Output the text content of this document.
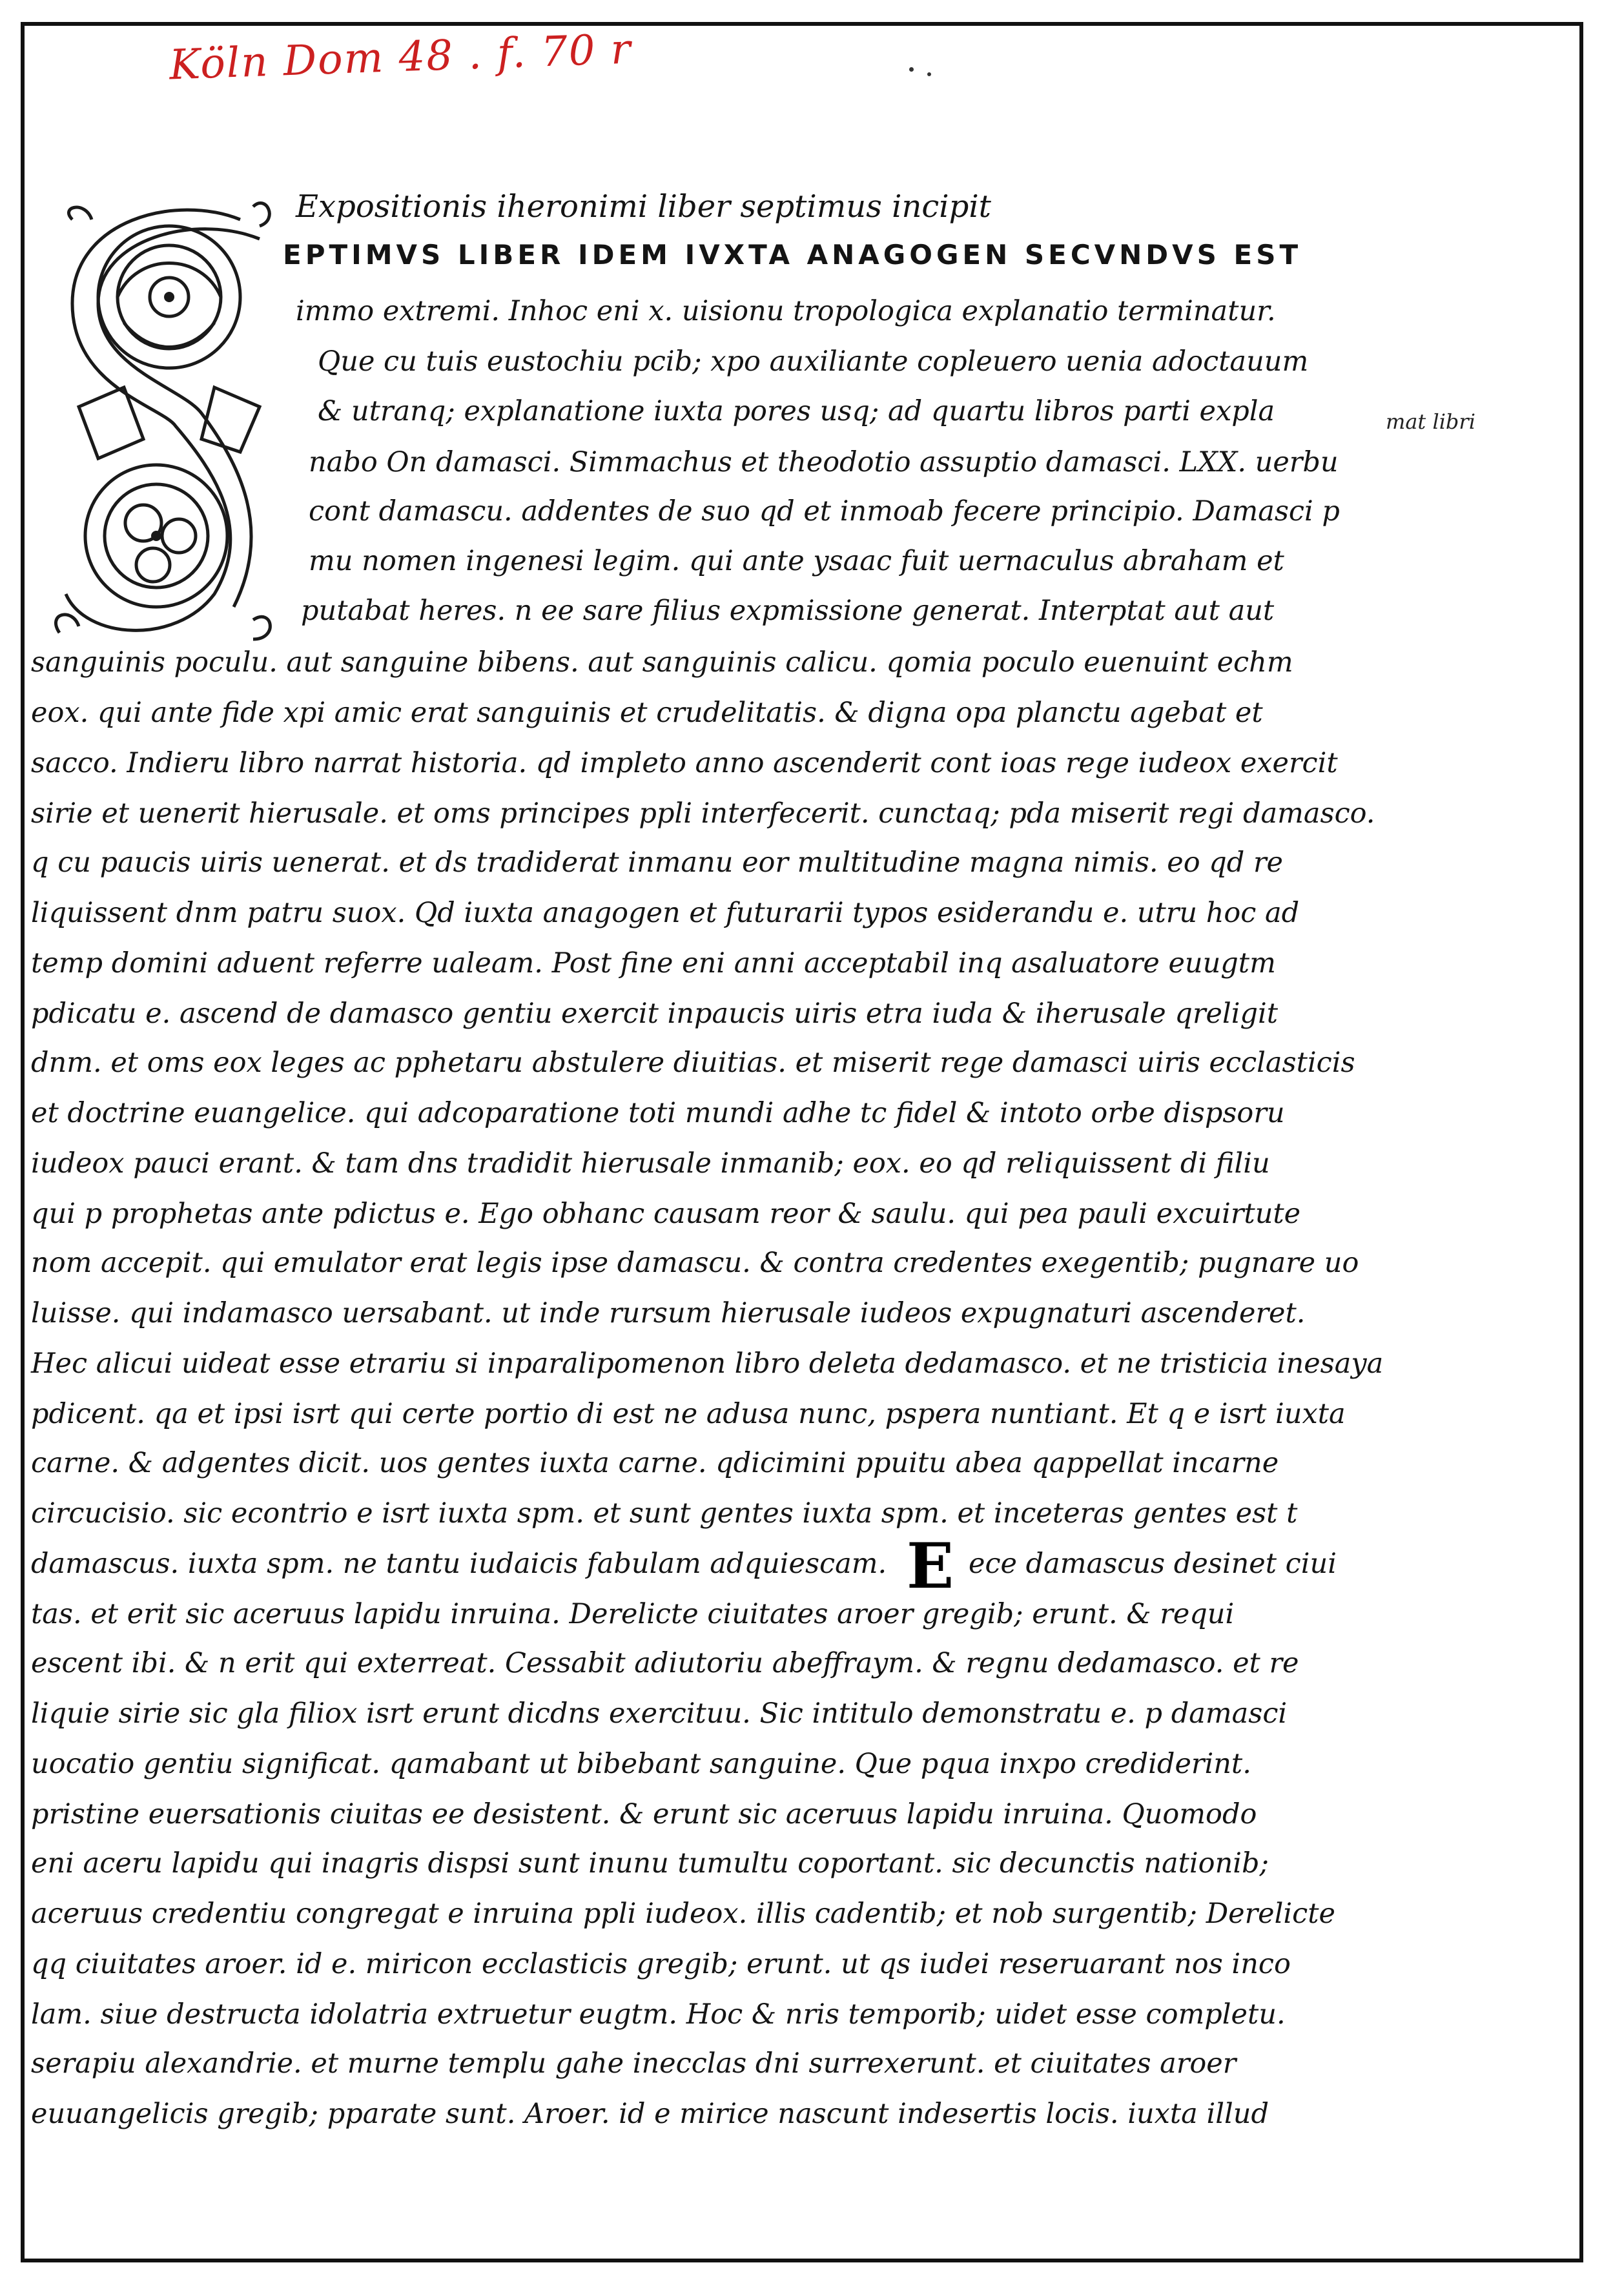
Köln Dom 48 . f. 70 r
Expositionis iheronimi liber septimus incipit
EPTIMVS LIBER IDEM IVXTA ANAGOGEN SECVNDVS EST
immo extremi. Inhoc eni x. uisionu tropologica explanatio terminatur.
Que cu tuis eustochiu pcib; xpo auxiliante copleuero uenia adoctauum
& utranq; explanatione iuxta pores usq; ad quartu libros parti expla	mat libri
nabo On damasci. Simmachus et theodotio assuptio damasci. LXX. uerbu
cont damascu. addentes de suo qd et inmoab fecere principio. Damasci p
mu nomen ingenesi legim. qui ante ysaac fuit uernaculus abraham et
putabat heres. n ee sare filius expmissione generat. Interptat aut aut
sanguinis poculu. aut sanguine bibens. aut sanguinis calicu. qomia poculo euenuint echm
eox. qui ante fide xpi amic erat sanguinis et crudelitatis. & digna opa planctu agebat et
sacco. Indieru libro narrat historia. qd impleto anno ascenderit cont ioas rege iudeox exercit
sirie et uenerit hierusale. et oms principes ppli interfecerit. cunctaq; pda miserit regi damasco.
q cu paucis uiris uenerat. et ds tradiderat inmanu eor multitudine magna nimis. eo qd re
liquissent dnm patru suox. Qd iuxta anagogen et futurarii typos esiderandu e. utru hoc ad
temp domini aduent referre ualeam. Post fine eni anni acceptabil inq asaluatore euugtm
pdicatu e. ascend de damasco gentiu exercit inpaucis uiris etra iuda & iherusale qreligit
dnm. et oms eox leges ac pphetaru abstulere diuitias. et miserit rege damasci uiris ecclasticis
et doctrine euangelice. qui adcoparatione toti mundi adhe tc fidel & intoto orbe dispsoru
iudeox pauci erant. & tam dns tradidit hierusale inmanib; eox. eo qd reliquissent di filiu
qui p prophetas ante pdictus e. Ego obhanc causam reor & saulu. qui pea pauli excuirtute
nom accepit. qui emulator erat legis ipse damascu. & contra credentes exegentib; pugnare uo
luisse. qui indamasco uersabant. ut inde rursum hierusale iudeos expugnaturi ascenderet.
Hec alicui uideat esse etrariu si inparalipomenon libro deleta dedamasco. et ne tristicia inesaya
pdicent. qa et ipsi isrt qui certe portio di est ne adusa nunc, pspera nuntiant. Et q e isrt iuxta
carne. & adgentes dicit. uos gentes iuxta carne. qdicimini ppuitu abea qappellat incarne
circucisio. sic econtrio e isrt iuxta spm. et sunt gentes iuxta spm. et inceteras gentes est t
damascus. iuxta spm. ne tantu iudaicis fabulam adquiescam. E ece damascus desinet ciui
tas. et erit sic aceruus lapidu inruina. Derelicte ciuitates aroer gregib; erunt. & requi
escent ibi. & n erit qui exterreat. Cessabit adiutoriu abeffraym. & regnu dedamasco. et re
liquie sirie sic gla filiox isrt erunt dicdns exercituu. Sic intitulo demonstratu e. p damasci
uocatio gentiu significat. qamabant ut bibebant sanguine. Que pqua inxpo crediderint.
pristine euersationis ciuitas ee desistent. & erunt sic aceruus lapidu inruina. Quomodo
eni aceru lapidu qui inagris dispsi sunt inunu tumultu coportant. sic decunctis nationib;
aceruus credentiu congregat e inruina ppli iudeox. illis cadentib; et nob surgentib; Derelicte
qq ciuitates aroer. id e. miricon ecclasticis gregib; erunt. ut qs iudei reseruarant nos inco
lam. siue destructa idolatria extruetur eugtm. Hoc & nris temporib; uidet esse completu.
serapiu alexandrie. et murne templu gahe inecclas dni surrexerunt. et ciuitates aroer
euuangelicis gregib; pparate sunt. Aroer. id e mirice nascunt indesertis locis. iuxta illud
